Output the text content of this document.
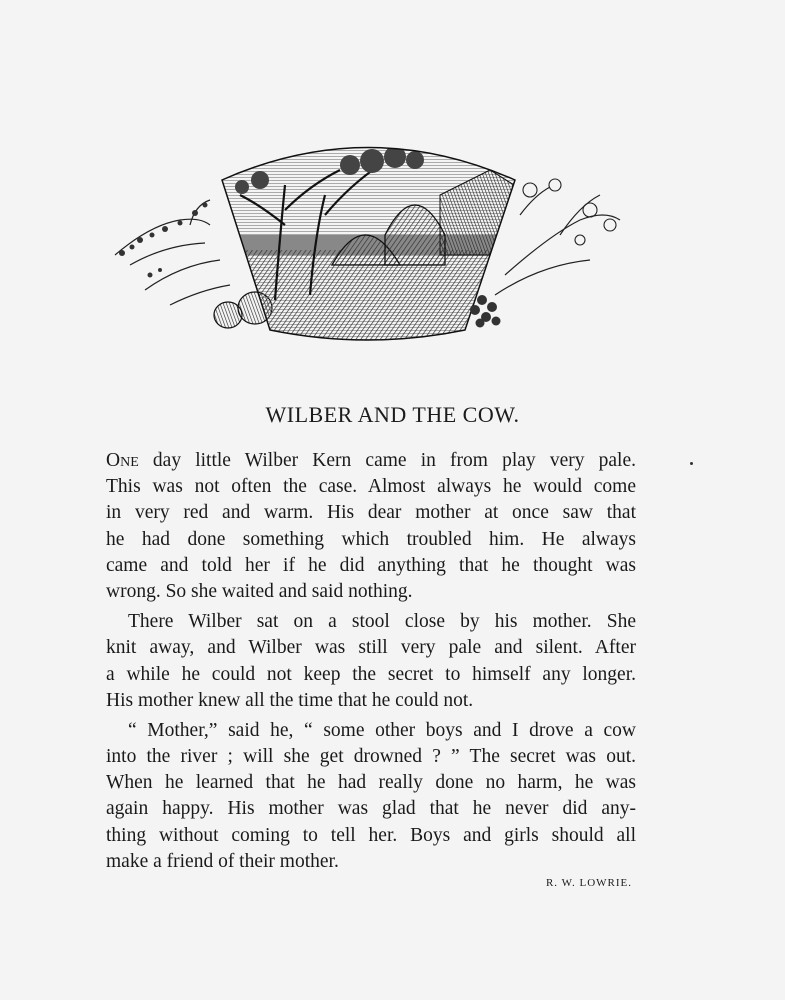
WILBER AND THE COW.
One day little Wilber Kern came in from play very pale.
This was not often the case. Almost always he would come
in very red and warm. His dear mother at once saw that
he had done something which troubled him. He always
came and told her if he did anything that he thought was
wrong. So she waited and said nothing.
There Wilber sat on a stool close by his mother. She
knit away, and Wilber was still very pale and silent. After
a while he could not keep the secret to himself any longer.
His mother knew all the time that he could not.
“ Mother,” said he, “ some other boys and I drove a cow
into the river ; will she get drowned ? ” The secret was out.
When he learned that he had really done no harm, he was
again happy. His mother was glad that he never did any-
thing without coming to tell her. Boys and girls should all
make a friend of their mother.
R. W. LOWRIE.
